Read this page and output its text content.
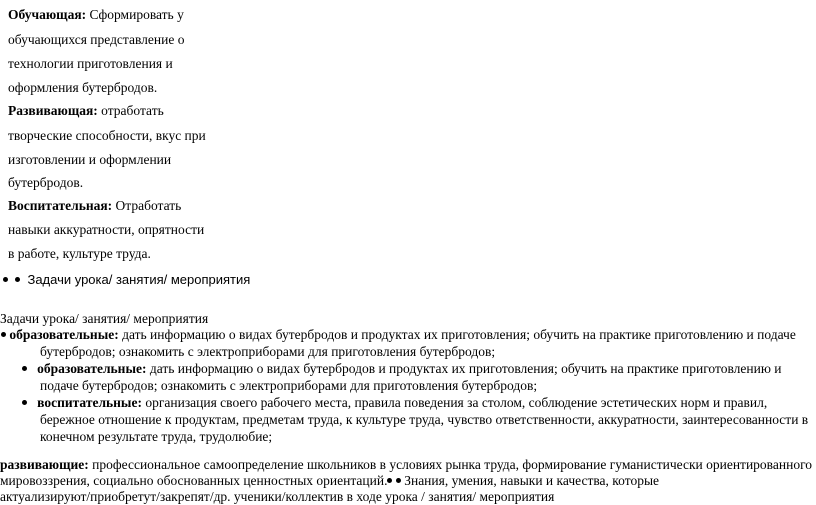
Обучающая: Сформировать у
обучающихся представление о
технологии приготовления и
оформления бутербродов.
Развивающая: отработать
творческие способности, вкус при
изготовлении и оформлении
бутербродов.
Воспитательная: Отработать
навыки аккуратности, опрятности
в работе, культуре труда.
Задачи урока/ занятия/ мероприятия
Задачи урока/ занятия/ мероприятия
образовательные: дать информацию о видах бутербродов и продуктах их приготовления; обучить на практике приготовлению и подаче
бутербродов; ознакомить с электроприборами для приготовления бутербродов;
образовательные: дать информацию о видах бутербродов и продуктах их приготовления; обучить на практике приготовлению и
подаче бутербродов; ознакомить с электроприборами для приготовления бутербродов;
воспитательные: организация своего рабочего места, правила поведения за столом, соблюдение эстетических норм и правил,
бережное отношение к продуктам, предметам труда, к культуре труда, чувство ответственности, аккуратности, заинтересованности в
конечном результате труда, трудолюбие;
развивающие: профессиональное самоопределение школьников в условиях рынка труда, формирование гуманистически ориентированного
мировоззрения, социально обоснованных ценностных ориентаций.  Знания, умения, навыки и качества, которые
актуализируют/приобретут/закрепят/др. ученики/коллектив в ходе урока / занятия/ мероприятия
